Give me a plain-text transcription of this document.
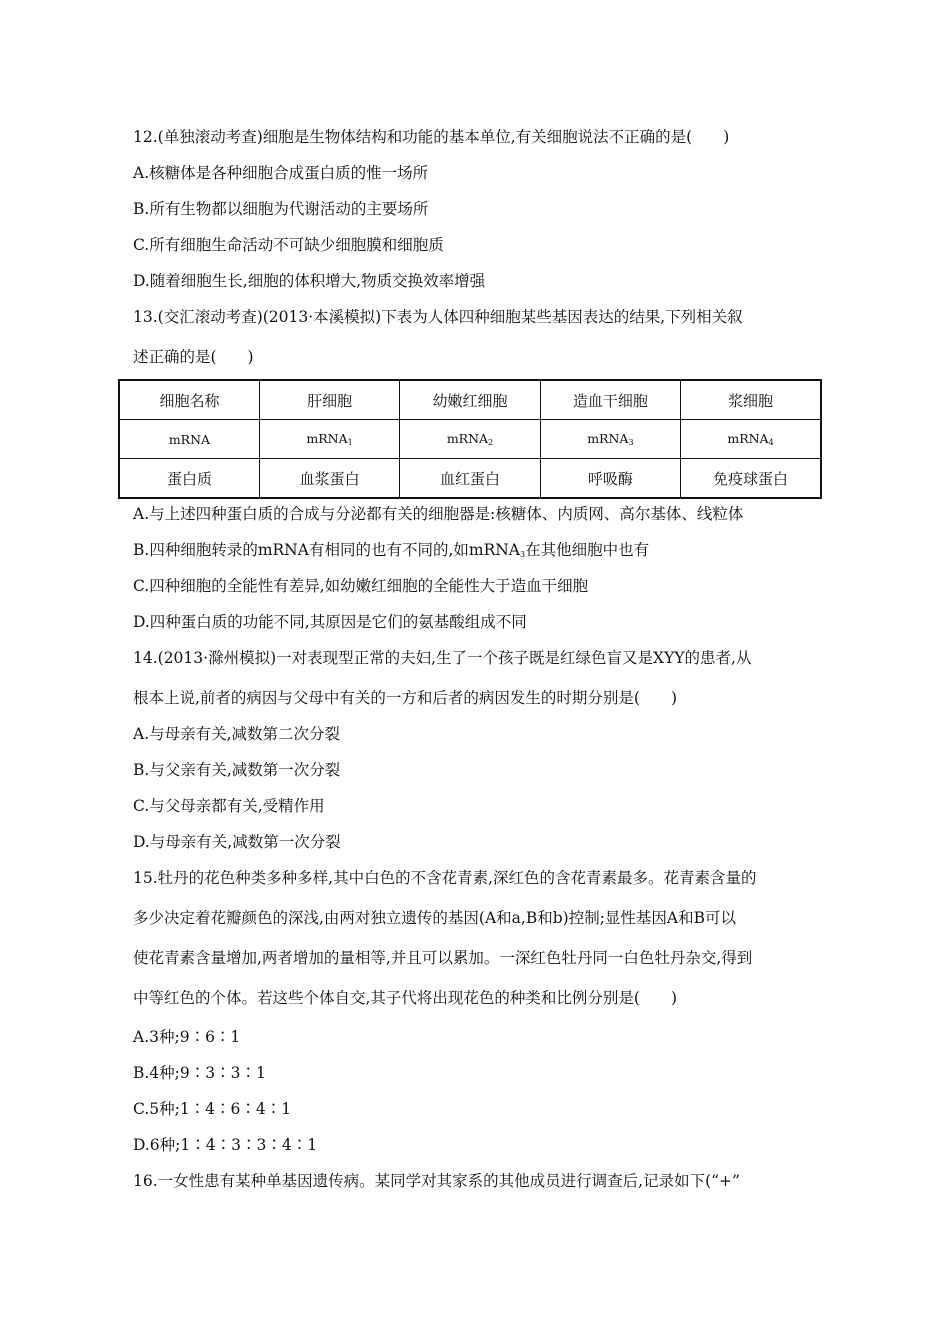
12.(单独滚动考查)细胞是生物体结构和功能的基本单位,有关细胞说法不正确的是(　　)
A.核糖体是各种细胞合成蛋白质的惟一场所
B.所有生物都以细胞为代谢活动的主要场所
C.所有细胞生命活动不可缺少细胞膜和细胞质
D.随着细胞生长,细胞的体积增大,物质交换效率增强
13.(交汇滚动考查)(2013·本溪模拟)下表为人体四种细胞某些基因表达的结果,下列相关叙
述正确的是(　　)
细胞名称	肝细胞	幼嫩红细胞	造血干细胞	浆细胞
mRNA	mRNA$_1$	mRNA$_2$	mRNA$_3$	mRNA$_4$
蛋白质	血浆蛋白	血红蛋白	呼吸酶	免疫球蛋白
A.与上述四种蛋白质的合成与分泌都有关的细胞器是:核糖体、内质网、高尔基体、线粒体
B.四种细胞转录的mRNA有相同的也有不同的,如mRNA$_3$在其他细胞中也有
C.四种细胞的全能性有差异,如幼嫩红细胞的全能性大于造血干细胞
D.四种蛋白质的功能不同,其原因是它们的氨基酸组成不同
14.(2013·滁州模拟)一对表现型正常的夫妇,生了一个孩子既是红绿色盲又是XYY的患者,从
根本上说,前者的病因与父母中有关的一方和后者的病因发生的时期分别是(　　)
A.与母亲有关,减数第二次分裂
B.与父亲有关,减数第一次分裂
C.与父母亲都有关,受精作用
D.与母亲有关,减数第一次分裂
15.牡丹的花色种类多种多样,其中白色的不含花青素,深红色的含花青素最多。花青素含量的
多少决定着花瓣颜色的深浅,由两对独立遗传的基因(A和a,B和b)控制;显性基因A和B可以
使花青素含量增加,两者增加的量相等,并且可以累加。一深红色牡丹同一白色牡丹杂交,得到
中等红色的个体。若这些个体自交,其子代将出现花色的种类和比例分别是(　　)
A.3种;9∶6∶1
B.4种;9∶3∶3∶1
C.5种;1∶4∶6∶4∶1
D.6种;1∶4∶3∶3∶4∶1
16.一女性患有某种单基因遗传病。某同学对其家系的其他成员进行调查后,记录如下(“+”
